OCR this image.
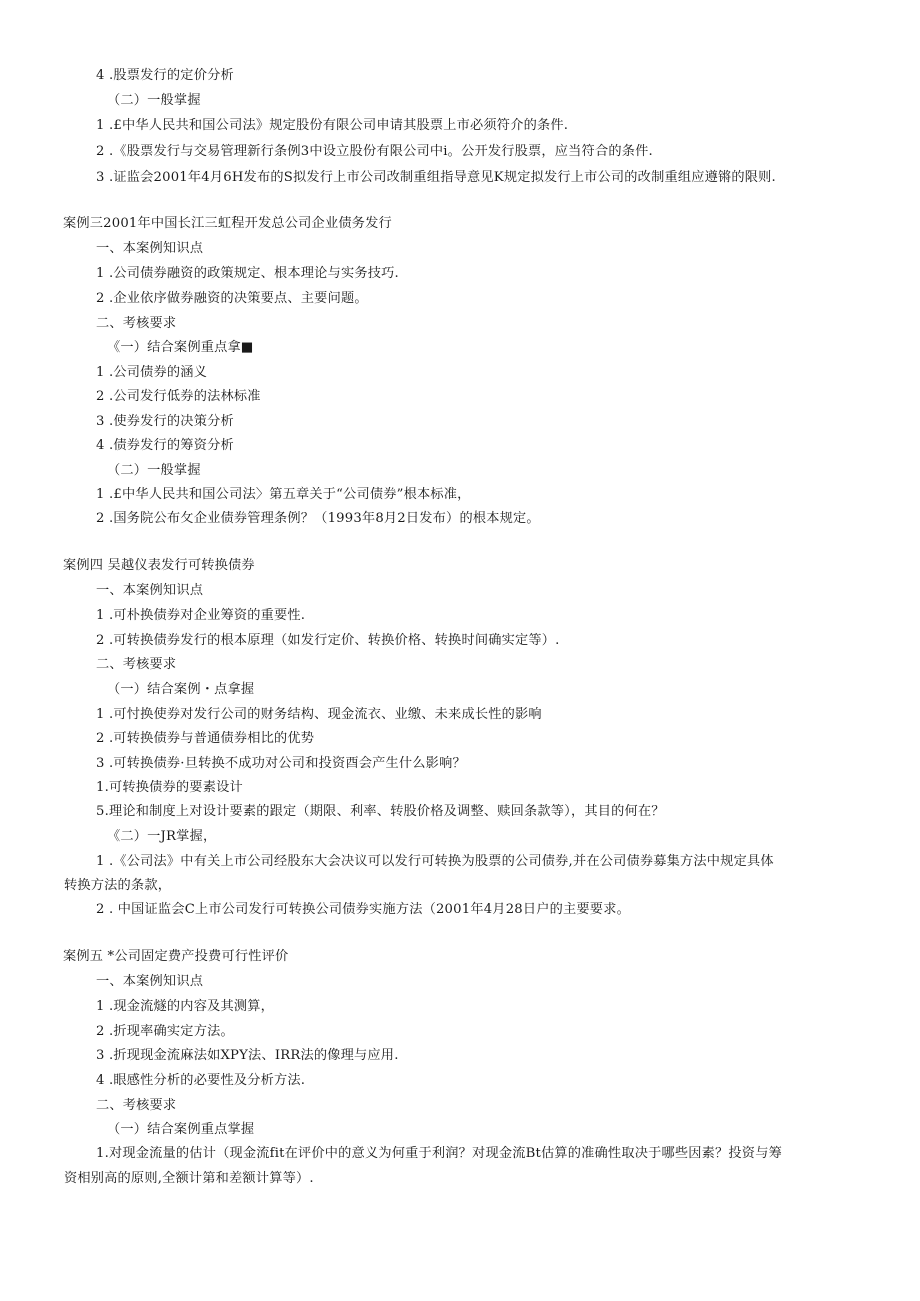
4 .股票发行的定价分析
（二）一般掌握
1 .£中华人民共和国公司法》规定股份有限公司申请其股票上市必须符介的条件.
2 .《股票发行与交易管理新行条例3中设立股份有限公司中i。公开发行股票，应当符合的条件.
3 .证监会2001年4月6H发布的S拟发行上市公司改制重组指导意见K规定拟发行上市公司的改制重组应遵锵的限则.
案例三2001年中国长江三虹程开发总公司企业债务发行
一、本案例知识点
1 .公司债券融资的政策规定、根本理论与实务技巧.
2 .企业依序做券融资的决策要点、主要问题。
二、考核要求
《一）结合案例重点拿■
1 .公司债券的涵义
2 .公司发行低券的法林标准
3 .使券发行的决策分析
4 .债券发行的筹资分析
（二）一般掌握
1 .£中华人民共和国公司法〉第五章关于“公司债券”根本标准，
2 .国务院公布攵企业债券管理条例？（1993年8月2日发布）的根本规定。
案例四 吴越仪表发行可转换债券
一、本案例知识点
1 .可朴换债券对企业筹资的重要性.
2 .可转换债券发行的根本原理（如发行定价、转换价格、转换时间确实定等）.
二、考核要求
（一）结合案例・点拿握
1 .可忖换使券对发行公司的财务结构、现金流衣、业缴、未来成长性的影响
2 .可转换债券与普通债券相比的优势
3 .可转换债券·旦转换不成功对公司和投资酉会产生什么影响？
1.可转换债券的要素设计
5.理论和制度上对设计要素的跟定（期限、利率、转股价格及调整、赎回条款等），其目的何在？
《二）一JR掌握，
1 .《公司法》中有关上市公司经股东大会决议可以发行可转换为股票的公司债券,并在公司债券募集方法中规定具体
转换方法的条款，
2 . 中国证监会C上市公司发行可转换公司债券实施方法（2001年4月28日户的主要要求。
案例五 *公司固定费产投费可行性评价
一、本案例知识点
1 .现金流燧的内容及其测算，
2 .折现率确实定方法。
3 .折现现金流麻法如XPY法、IRR法的像理与应用.
4 .眼感性分析的必要性及分析方法.
二、考核要求
（一）结合案例重点掌握
1.对现金流量的估计（现金流fit在评价中的意义为何重于利润？对现金流Bt估算的准确性取决于哪些因素？投资与筹
资相别高的原则,全额计第和差额计算等）.
